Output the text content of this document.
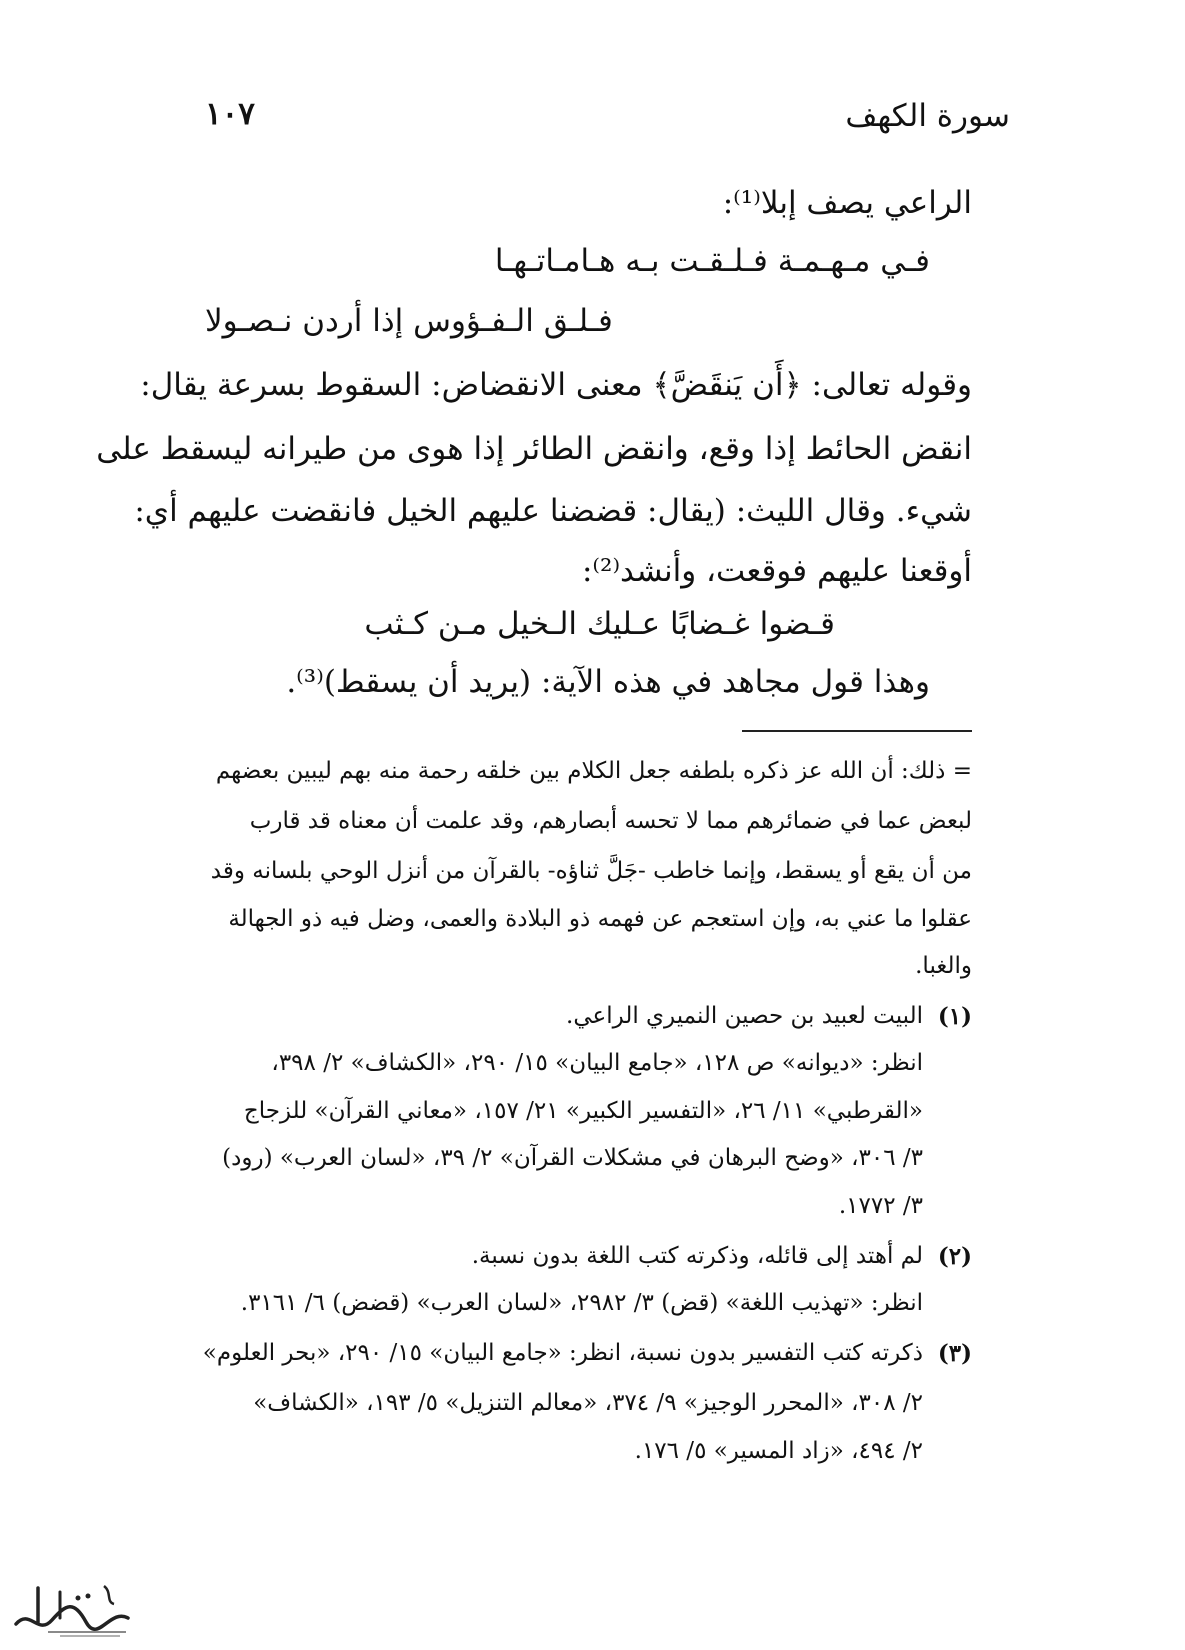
سورة الكهف
١٠٧
الراعي يصف إبلا⁽¹⁾:
فـي مـهـمـة فـلـقـت بـه هـامـاتـهـا
فـلـق الـفـؤوس إذا أردن نـصـولا
وقوله تعالى: ﴿أَن يَنقَضَّ﴾ معنى الانقضاض: السقوط بسرعة يقال:
انقض الحائط إذا وقع، وانقض الطائر إذا هوى من طيرانه ليسقط على
شيء. وقال الليث: (يقال: قضضنا عليهم الخيل فانقضت عليهم أي:
أوقعنا عليهم فوقعت، وأنشد⁽²⁾:
قـضوا غـضابًا عـليك الـخيل مـن كـثب
وهذا قول مجاهد في هذه الآية: (يريد أن يسقط)⁽³⁾.
= ذلك: أن الله عز ذكره بلطفه جعل الكلام بين خلقه رحمة منه بهم ليبين بعضهم
لبعض عما في ضمائرهم مما لا تحسه أبصارهم، وقد علمت أن معناه قد قارب
من أن يقع أو يسقط، وإنما خاطب -جَلَّ ثناؤه- بالقرآن من أنزل الوحي بلسانه وقد
عقلوا ما عني به، وإن استعجم عن فهمه ذو البلادة والعمى، وضل فيه ذو الجهالة
والغبا.
(١)
البيت لعبيد بن حصين النميري الراعي.
انظر: «ديوانه» ص ١٢٨، «جامع البيان» ١٥/ ٢٩٠، «الكشاف» ٢/ ٣٩٨،
«القرطبي» ١١/ ٢٦، «التفسير الكبير» ٢١/ ١٥٧، «معاني القرآن» للزجاج
٣/ ٣٠٦، «وضح البرهان في مشكلات القرآن» ٢/ ٣٩، «لسان العرب» (رود)
٣/ ١٧٧٢.
(٢)
لم أهتد إلى قائله، وذكرته كتب اللغة بدون نسبة.
انظر: «تهذيب اللغة» (قض) ٣/ ٢٩٨٢، «لسان العرب» (قضض) ٦/ ٣١٦١.
(٣)
ذكرته كتب التفسير بدون نسبة، انظر: «جامع البيان» ١٥/ ٢٩٠، «بحر العلوم»
٢/ ٣٠٨، «المحرر الوجيز» ٩/ ٣٧٤، «معالم التنزيل» ٥/ ١٩٣، «الكشاف»
٢/ ٤٩٤، «زاد المسير» ٥/ ١٧٦.
